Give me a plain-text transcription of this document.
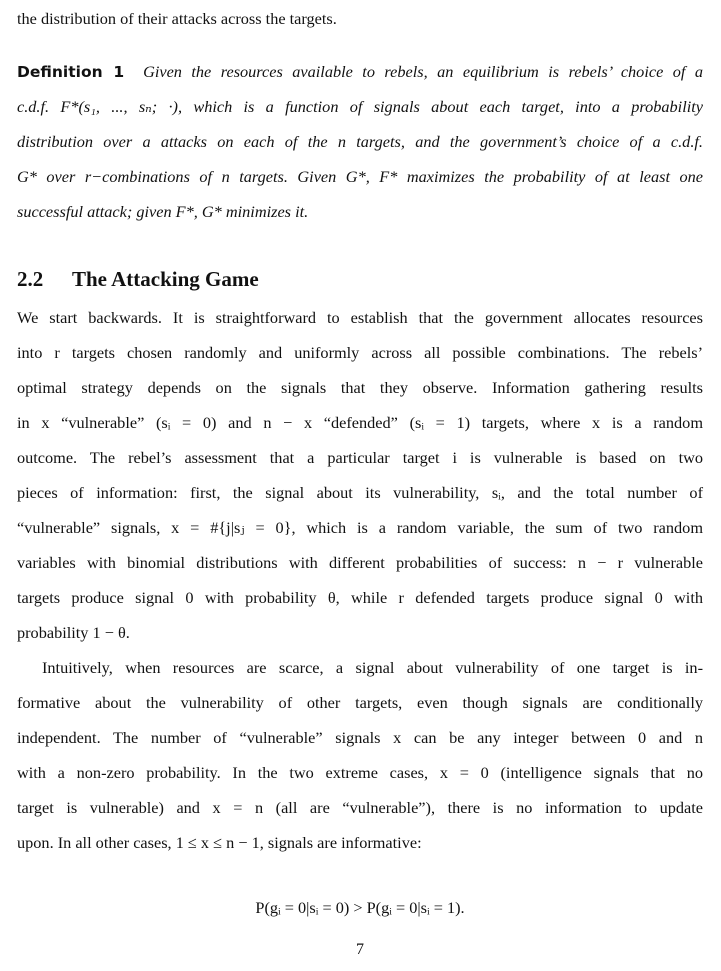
the distribution of their attacks across the targets.
Definition 1 Given the resources available to rebels, an equilibrium is rebels’ choice of a
c.d.f. F*(s₁, ..., sₙ; ·), which is a function of signals about each target, into a probability
distribution over a attacks on each of the n targets, and the government’s choice of a c.d.f.
G* over r−combinations of n targets. Given G*, F* maximizes the probability of at least one
successful attack; given F*, G* minimizes it.
2.2 The Attacking Game
We start backwards. It is straightforward to establish that the government allocates resources
into r targets chosen randomly and uniformly across all possible combinations. The rebels’
optimal strategy depends on the signals that they observe. Information gathering results
in x “vulnerable” (sᵢ = 0) and n − x “defended” (sᵢ = 1) targets, where x is a random
outcome. The rebel’s assessment that a particular target i is vulnerable is based on two
pieces of information: first, the signal about its vulnerability, sᵢ, and the total number of
“vulnerable” signals, x = #{j|sⱼ = 0}, which is a random variable, the sum of two random
variables with binomial distributions with different probabilities of success: n − r vulnerable
targets produce signal 0 with probability θ, while r defended targets produce signal 0 with
probability 1 − θ.
Intuitively, when resources are scarce, a signal about vulnerability of one target is in-
formative about the vulnerability of other targets, even though signals are conditionally
independent. The number of “vulnerable” signals x can be any integer between 0 and n
with a non-zero probability. In the two extreme cases, x = 0 (intelligence signals that no
target is vulnerable) and x = n (all are “vulnerable”), there is no information to update
upon. In all other cases, 1 ≤ x ≤ n − 1, signals are informative:
P(gᵢ = 0|sᵢ = 0) > P(gᵢ = 0|sᵢ = 1).
7
